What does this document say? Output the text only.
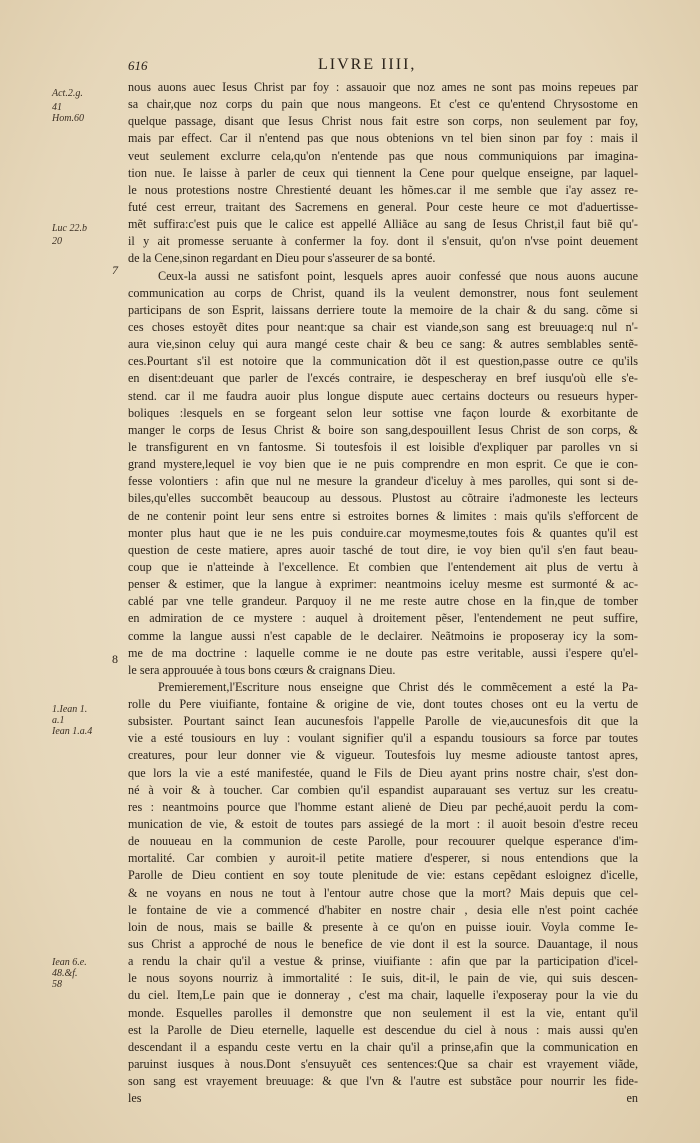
616	LIVRE IIII,
Act.2.g.
41
Hom.60
Luc 22.b
20
1.Iean 1.
a.1
Iean 1.a.4
Iean 6.e.
48.&f.
58
7
8
nous auons auec Iesus Christ par foy : assauoir que noz ames ne sont pas moins repeues par
sa chair,que noz corps du pain que nous mangeons. Et c'est ce qu'entend Chrysostome en
quelque passage, disant que Iesus Christ nous fait estre son corps, non seulement par foy,
mais par effect. Car il n'entend pas que nous obtenions vn tel bien sinon par foy : mais il
veut seulement exclurre cela,qu'on n'entende pas que nous communiquions par imagina-
tion nue. Ie laisse à parler de ceux qui tiennent la Cene pour quelque enseigne, par laquel-
le nous protestions nostre Chrestienté deuant les hõmes.car il me semble que i'ay assez re-
futé cest erreur, traitant des Sacremens en general. Pour ceste heure ce mot d'aduertisse-
mẽt suffira:c'est puis que le calice est appellé Alliãce au sang de Iesus Christ,il faut biẽ qu'-
il y ait promesse seruante à confermer la foy. dont il s'ensuit, qu'on n'vse point deuement
de la Cene,sinon regardant en Dieu pour s'asseurer de sa bonté.
Ceux-la aussi ne satisfont point, lesquels apres auoir confessé que nous auons aucune
communication au corps de Christ, quand ils la veulent demonstrer, nous font seulement
participans de son Esprit, laissans derriere toute la memoire de la chair & du sang. cõme si
ces choses estoyẽt dites pour neant:que sa chair est viande,son sang est breuuage:q nul n'-
aura vie,sinon celuy qui aura mangé ceste chair & beu ce sang: & autres semblables sentẽ-
ces.Pourtant s'il est notoire que la communication dõt il est question,passe outre ce qu'ils
en disent:deuant que parler de l'excés contraire, ie despescheray en bref iusqu'où elle s'e-
stend. car il me faudra auoir plus longue dispute auec certains docteurs ou resueurs hyper-
boliques :lesquels en se forgeant selon leur sottise vne façon lourde & exorbitante de
manger le corps de Iesus Christ & boire son sang,despouillent Iesus Christ de son corps, &
le transfigurent en vn fantosme. Si toutesfois il est loisible d'expliquer par parolles vn si
grand mystere,lequel ie voy bien que ie ne puis comprendre en mon esprit. Ce que ie con-
fesse volontiers : afin que nul ne mesure la grandeur d'iceluy à mes parolles, qui sont si de-
biles,qu'elles succombẽt beaucoup au dessous. Plustost au cõtraire i'admoneste les lecteurs
de ne contenir point leur sens entre si estroites bornes & limites : mais qu'ils s'efforcent de
monter plus haut que ie ne les puis conduire.car moymesme,toutes fois & quantes qu'il est
question de ceste matiere, apres auoir tasché de tout dire, ie voy bien qu'il s'en faut beau-
coup que ie n'atteinde à l'excellence. Et combien que l'entendement ait plus de vertu à
penser & estimer, que la langue à exprimer: neantmoins iceluy mesme est surmonté & ac-
cablé par vne telle grandeur. Parquoy il ne me reste autre chose en la fin,que de tomber
en admiration de ce mystere : auquel à droitement pẽser, l'entendement ne peut suffire,
comme la langue aussi n'est capable de le declairer. Neãtmoins ie proposeray icy la som-
me de ma doctrine : laquelle comme ie ne doute pas estre veritable, aussi i'espere qu'el-
le sera approuuée à tous bons cœurs & craignans Dieu.
Premierement,l'Escriture nous enseigne que Christ dés le commẽcement a esté la Pa-
rolle du Pere viuifiante, fontaine & origine de vie, dont toutes choses ont eu la vertu de
subsister. Pourtant sainct Iean aucunesfois l'appelle Parolle de vie,aucunesfois dit que la
vie a esté tousiours en luy : voulant signifier qu'il a espandu tousiours sa force par toutes
creatures, pour leur donner vie & vigueur. Toutesfois luy mesme adiouste tantost apres,
que lors la vie a esté manifestée, quand le Fils de Dieu ayant prins nostre chair, s'est don-
né à voir & à toucher. Car combien qu'il espandist auparauant ses vertuz sur les creatu-
res : neantmoins pource que l'homme estant alienė de Dieu par peché,auoit perdu la com-
munication de vie, & estoit de toutes pars assiegé de la mort : il auoit besoin d'estre receu
de nouueau en la communion de ceste Parolle, pour recouurer quelque esperance d'im-
mortalité. Car combien y auroit-il petite matiere d'esperer, si nous entendions que la
Parolle de Dieu contient en soy toute plenitude de vie: estans cepẽdant esloignez d'icelle,
& ne voyans en nous ne tout à l'entour autre chose que la mort? Mais depuis que cel-
le fontaine de vie a commencé d'habiter en nostre chair , desia elle n'est point cachée
loin de nous, mais se baille & presente à ce qu'on en puisse iouir. Voyla comme Ie-
sus Christ a approché de nous le benefice de vie dont il est la source. Dauantage, il nous
a rendu la chair qu'il a vestue & prinse, viuifiante : afin que par la participation d'icel-
le nous soyons nourriz à immortalité : Ie suis, dit-il, le pain de vie, qui suis descen-
du ciel. Item,Le pain que ie donneray , c'est ma chair, laquelle i'exposeray pour la vie du
monde. Esquelles parolles il demonstre que non seulement il est la vie, entant qu'il
est la Parolle de Dieu eternelle, laquelle est descendue du ciel à nous : mais aussi qu'en
descendant il a espandu ceste vertu en la chair qu'il a prinse,afin que la communication en
paruinst iusques à nous.Dont s'ensuyuẽt ces sentences:Que sa chair est vrayement viãde,
son sang est vrayement breuuage: & que l'vn & l'autre est substãce pour nourrir les fide-
les en
